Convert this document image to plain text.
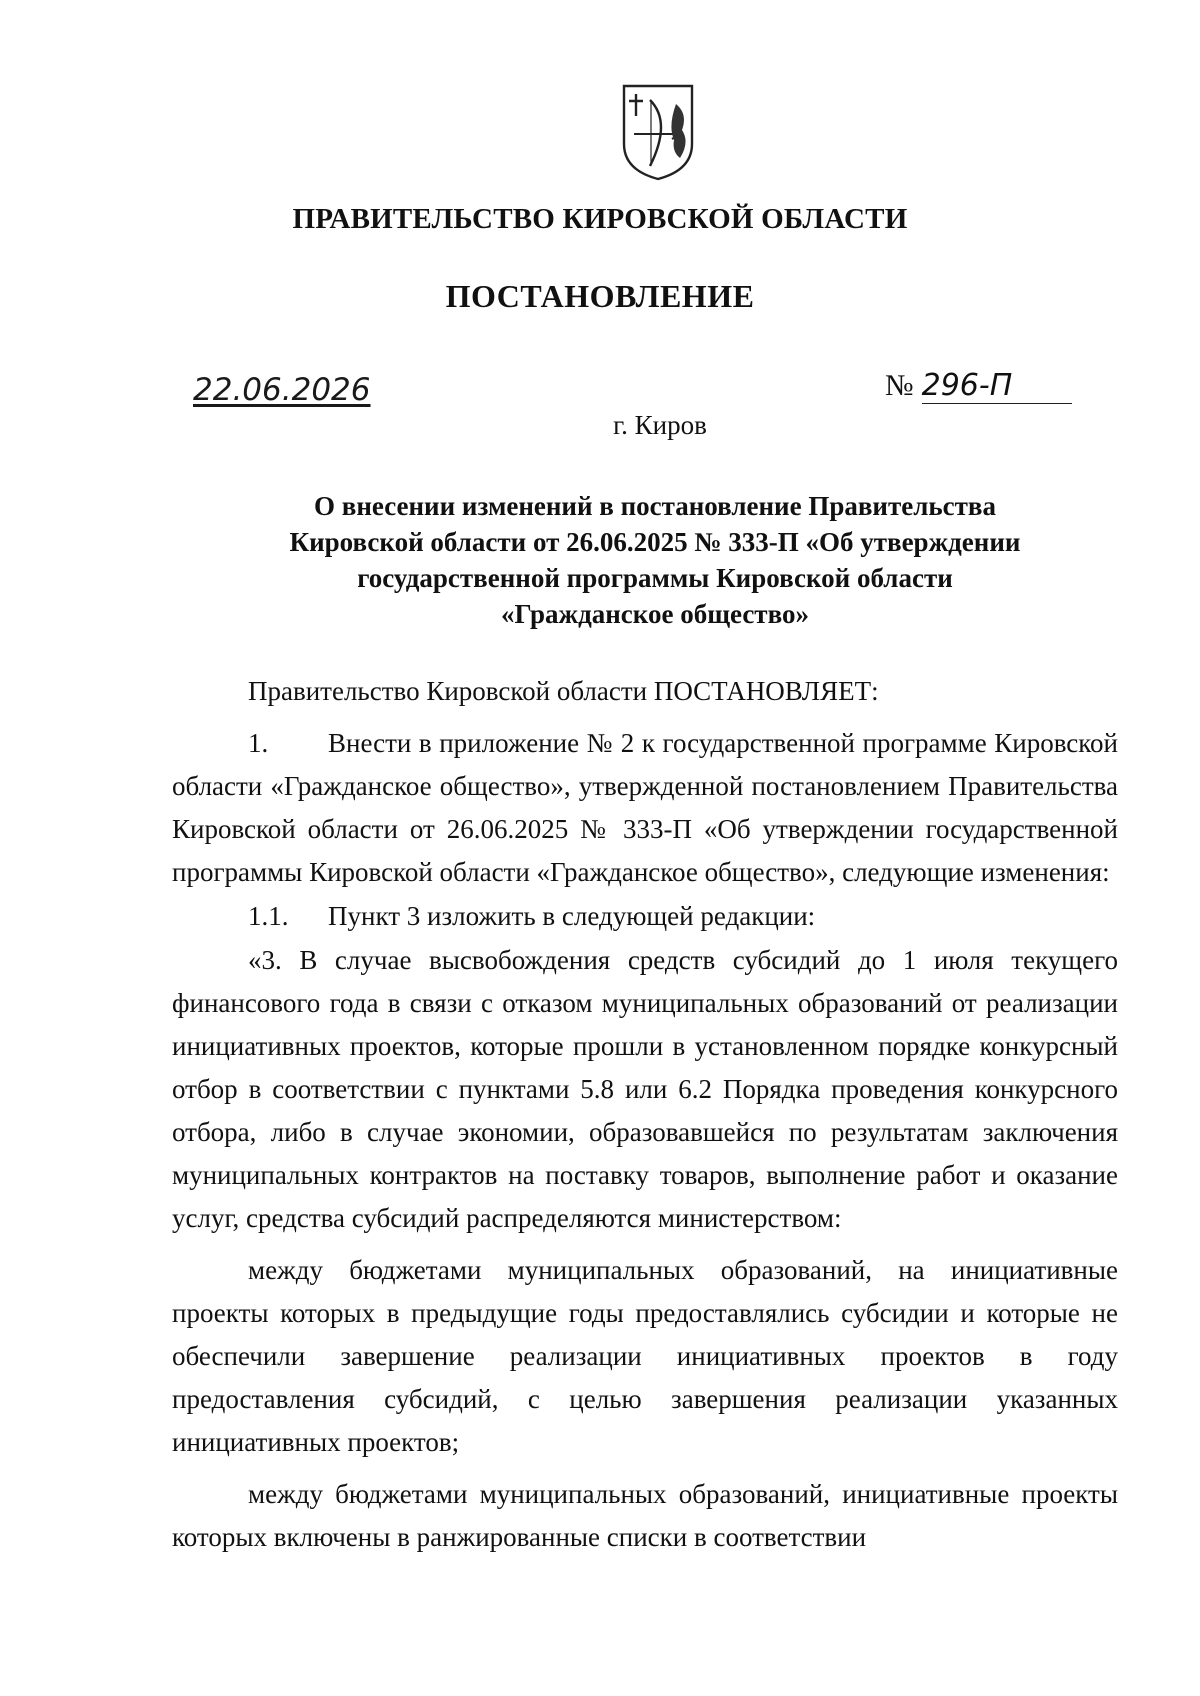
ПРАВИТЕЛЬСТВО КИРОВСКОЙ ОБЛАСТИ
ПОСТАНОВЛЕНИЕ
22.06.2026	№ 296-П
г. Киров
О внесении изменений в постановление Правительства
Кировской области от 26.06.2025 № 333-П «Об утверждении
государственной программы Кировской области
«Гражданское общество»
Правительство Кировской области ПОСТАНОВЛЯЕТ:
1. Внести в приложение № 2 к государственной программе Кировской области «Гражданское общество», утвержденной постановлением Правительства Кировской области от 26.06.2025 № 333-П «Об утверждении государственной программы Кировской области «Гражданское общество», следующие изменения:
1.1. Пункт 3 изложить в следующей редакции:
«3. В случае высвобождения средств субсидий до 1 июля текущего финансового года в связи с отказом муниципальных образований от реализации инициативных проектов, которые прошли в установленном порядке конкурсный отбор в соответствии с пунктами 5.8 или 6.2 Порядка проведения конкурсного отбора, либо в случае экономии, образовавшейся по результатам заключения муниципальных контрактов на поставку товаров, выполнение работ и оказание услуг, средства субсидий распределяются министерством:
между бюджетами муниципальных образований, на инициативные проекты которых в предыдущие годы предоставлялись субсидии и которые не обеспечили завершение реализации инициативных проектов в году предоставления субсидий, с целью завершения реализации указанных инициативных проектов;
между бюджетами муниципальных образований, инициативные проекты которых включены в ранжированные списки в соответствии
